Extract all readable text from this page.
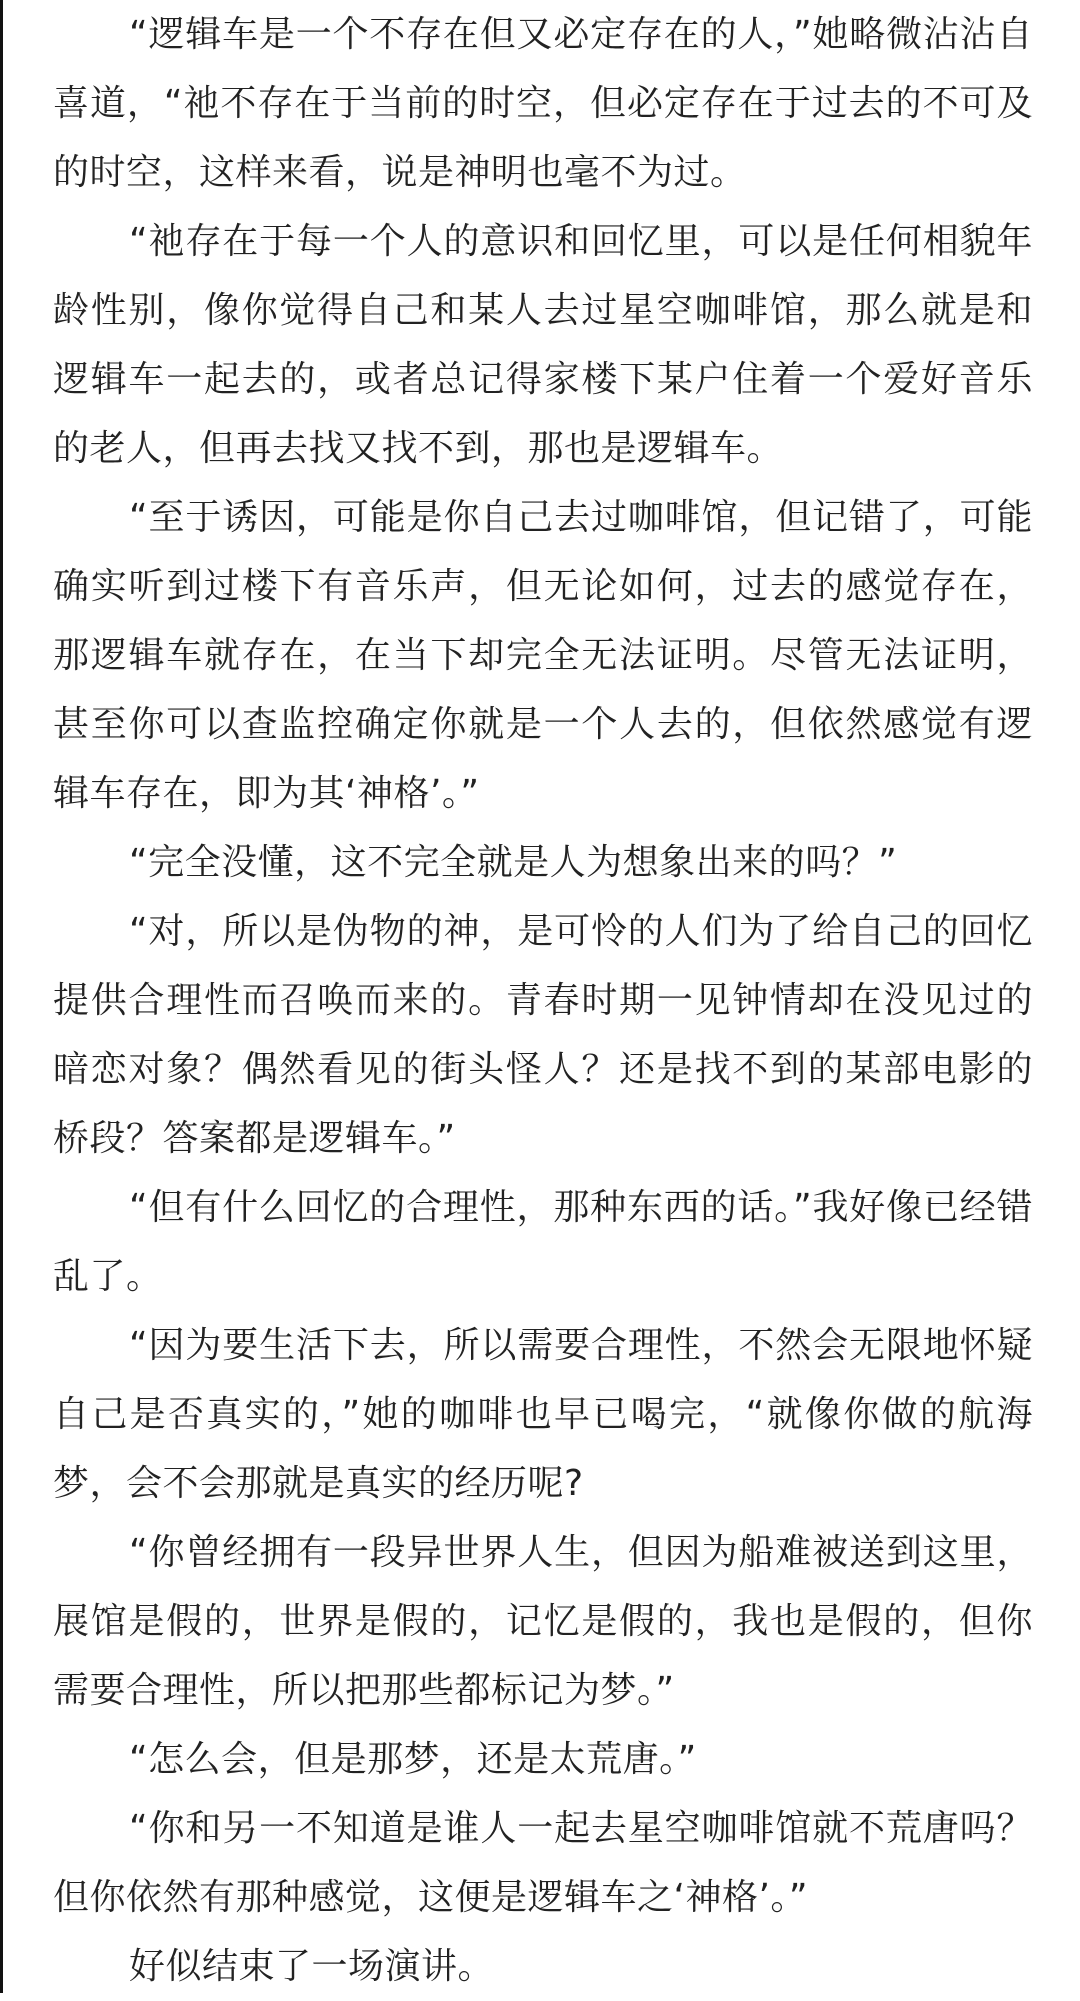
“逻辑车是一个不存在但又必定存在的人，”她略微沾沾自喜道，“祂不存在于当前的时空，但必定存在于过去的不可及的时空，这样来看，说是神明也毫不为过。

“祂存在于每一个人的意识和回忆里，可以是任何相貌年龄性别，像你觉得自己和某人去过星空咖啡馆，那么就是和逻辑车一起去的，或者总记得家楼下某户住着一个爱好音乐的老人，但再去找又找不到，那也是逻辑车。

“至于诱因，可能是你自己去过咖啡馆，但记错了，可能确实听到过楼下有音乐声，但无论如何，过去的感觉存在，那逻辑车就存在，在当下却完全无法证明。尽管无法证明，甚至你可以查监控确定你就是一个人去的，但依然感觉有逻辑车存在，即为其‘神格’。”

“完全没懂，这不完全就是人为想象出来的吗？”

“对，所以是伪物的神，是可怜的人们为了给自己的回忆提供合理性而召唤而来的。青春时期一见钟情却在没见过的暗恋对象？偶然看见的街头怪人？还是找不到的某部电影的桥段？答案都是逻辑车。”

“但有什么回忆的合理性，那种东西的话。”我好像已经错乱了。

“因为要生活下去，所以需要合理性，不然会无限地怀疑自己是否真实的，”她的咖啡也早已喝完，“就像你做的航海梦，会不会那就是真实的经历呢?

“你曾经拥有一段异世界人生，但因为船难被送到这里，展馆是假的，世界是假的，记忆是假的，我也是假的，但你需要合理性，所以把那些都标记为梦。”

“怎么会，但是那梦，还是太荒唐。”

“你和另一不知道是谁人一起去星空咖啡馆就不荒唐吗？但你依然有那种感觉，这便是逻辑车之‘神格’。”

好似结束了一场演讲。
